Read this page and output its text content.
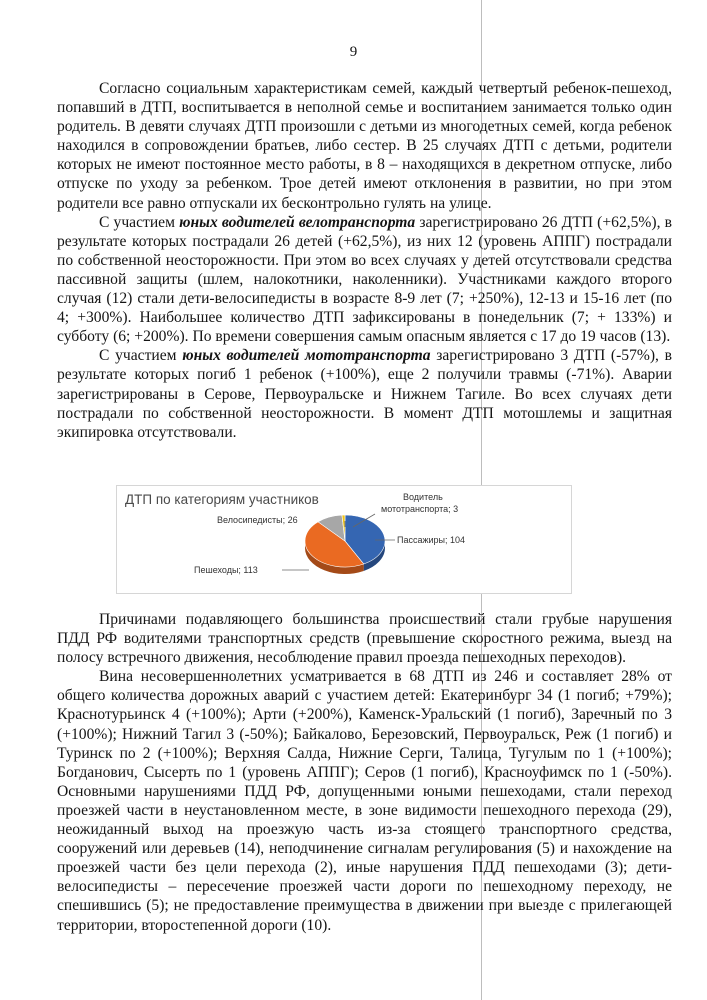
9

Согласно социальным характеристикам семей, каждый четвертый ребенок-пешеход, попавший в ДТП, воспитывается в неполной семье и воспитанием занимается только один родитель. В девяти случаях ДТП произошли с детьми из многодетных семей, когда ребенок находился в сопровождении братьев, либо сестер. В 25 случаях ДТП с детьми, родители которых не имеют постоянное место работы, в 8 – находящихся в декретном отпуске, либо отпуске по уходу за ребенком. Трое детей имеют отклонения в развитии, но при этом родители все равно отпускали их бесконтрольно гулять на улице.

С участием юных водителей велотранспорта зарегистрировано 26 ДТП (+62,5%), в результате которых пострадали 26 детей (+62,5%), из них 12 (уровень АППГ) пострадали по собственной неосторожности. При этом во всех случаях у детей отсутствовали средства пассивной защиты (шлем, налокотники, наколенники). Участниками каждого второго случая (12) стали дети-велосипедисты в возрасте 8-9 лет (7; +250%), 12-13 и 15-16 лет (по 4; +300%). Наибольшее количество ДТП зафиксированы в понедельник (7; + 133%) и субботу (6; +200%). По времени совершения самым опасным является с 17 до 19 часов (13).

С участием юных водителей мототранспорта зарегистрировано 3 ДТП (-57%), в результате которых погиб 1 ребенок (+100%), еще 2 получили травмы (-71%). Аварии зарегистрированы в Серове, Первоуральске и Нижнем Тагиле. Во всех случаях дети пострадали по собственной неосторожности. В момент ДТП мотошлемы и защитная экипировка отсутствовали.

ДТП по категориям участников
Велосипедисты; 26
Водитель
мототранспорта; 3
Пассажиры; 104
Пешеходы; 113

Причинами подавляющего большинства происшествий стали грубые нарушения ПДД РФ водителями транспортных средств (превышение скоростного режима, выезд на полосу встречного движения, несоблюдение правил проезда пешеходных переходов).

Вина несовершеннолетних усматривается в 68 ДТП из 246 и составляет 28% от общего количества дорожных аварий с участием детей: Екатеринбург 34 (1 погиб; +79%); Краснотурьинск 4 (+100%); Арти (+200%), Каменск-Уральский (1 погиб), Заречный по 3 (+100%); Нижний Тагил 3 (-50%); Байкалово, Березовский, Первоуральск, Реж (1 погиб) и Туринск по 2 (+100%); Верхняя Салда, Нижние Серги, Талица, Тугулым по 1 (+100%); Богданович, Сысерть по 1 (уровень АППГ); Серов (1 погиб), Красноуфимск по 1 (-50%). Основными нарушениями ПДД РФ, допущенными юными пешеходами, стали переход проезжей части в неустановленном месте, в зоне видимости пешеходного перехода (29), неожиданный выход на проезжую часть из-за стоящего транспортного средства, сооружений или деревьев (14), неподчинение сигналам регулирования (5) и нахождение на проезжей части без цели перехода (2), иные нарушения ПДД пешеходами (3); дети-велосипедисты – пересечение проезжей части дороги по пешеходному переходу, не спешившись (5); не предоставление преимущества в движении при выезде с прилегающей территории, второстепенной дороги (10).
